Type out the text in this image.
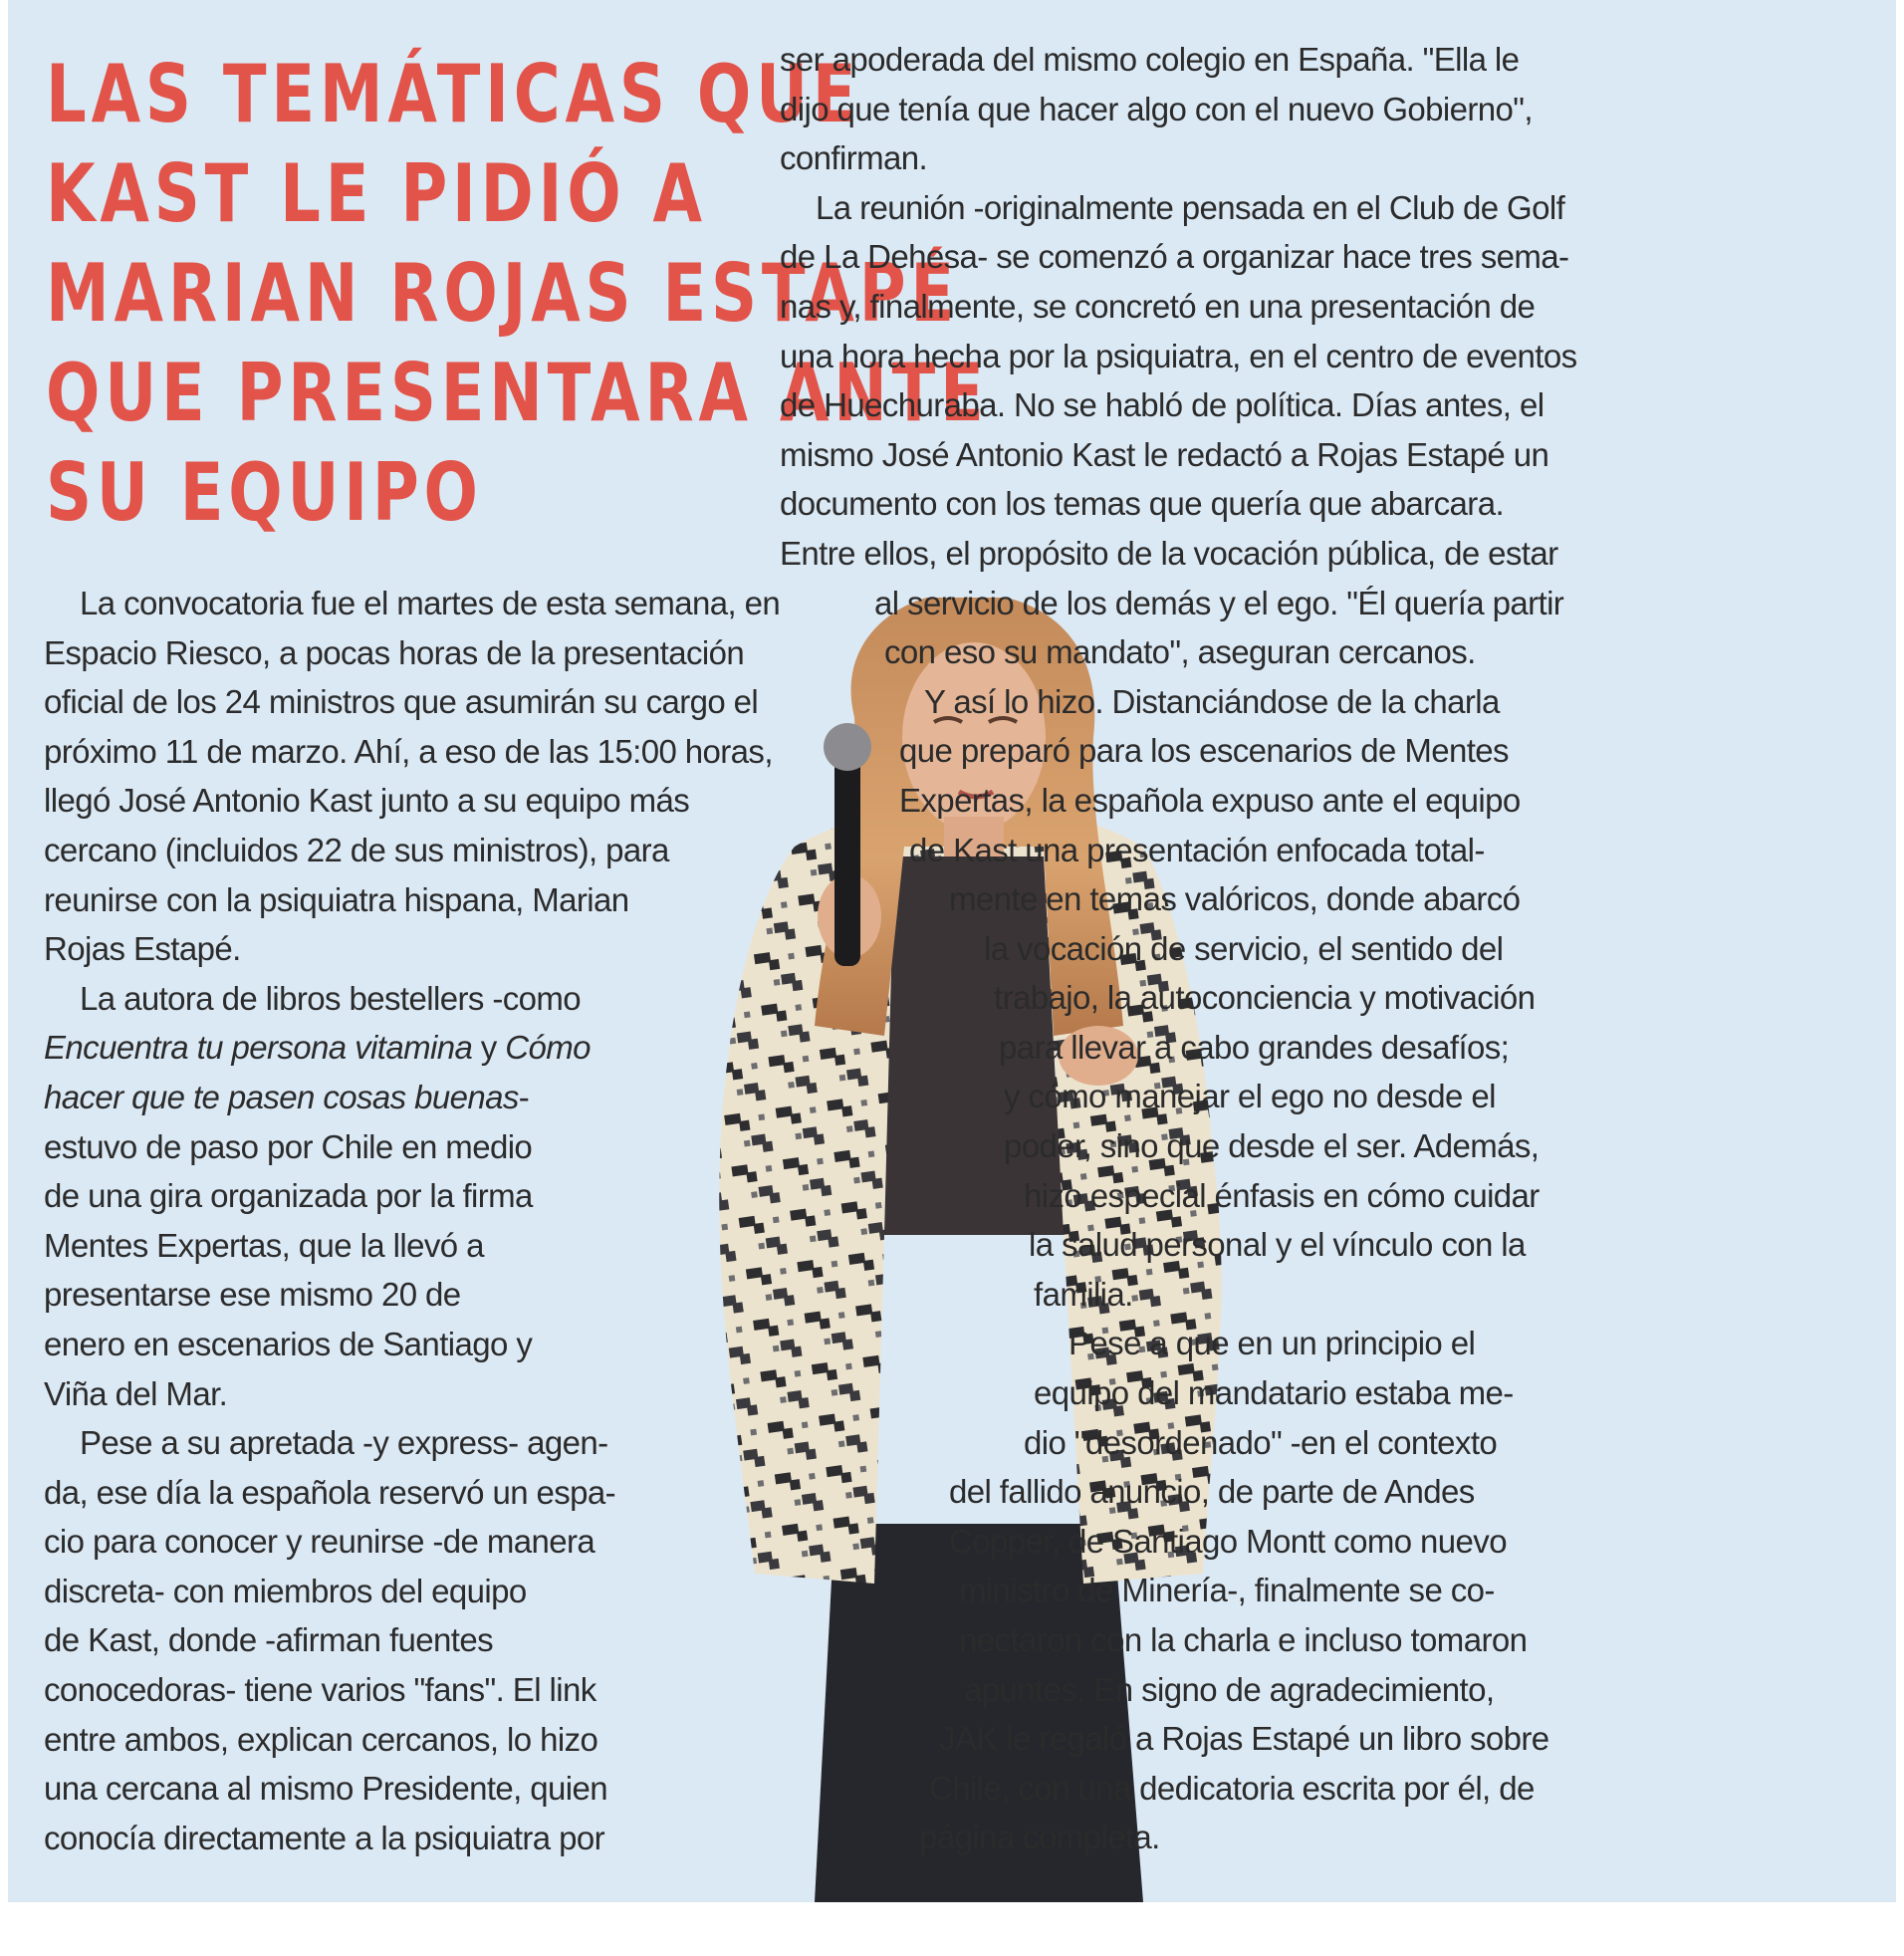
LAS TEMÁTICAS QUE
KAST LE PIDIÓ A
MARIAN ROJAS ESTAPÉ
QUE PRESENTARA ANTE
SU EQUIPO
La convocatoria fue el martes de esta semana, en
Espacio Riesco, a pocas horas de la presentación
oficial de los 24 ministros que asumirán su cargo el
próximo 11 de marzo. Ahí, a eso de las 15:00 horas,
llegó José Antonio Kast junto a su equipo más
cercano (incluidos 22 de sus ministros), para
reunirse con la psiquiatra hispana, Marian
Rojas Estapé.
La autora de libros bestellers -como
Encuentra tu persona vitamina y Cómo
hacer que te pasen cosas buenas-
estuvo de paso por Chile en medio
de una gira organizada por la firma
Mentes Expertas, que la llevó a
presentarse ese mismo 20 de
enero en escenarios de Santiago y
Viña del Mar.
Pese a su apretada -y express- agen-
da, ese día la española reservó un espa-
cio para conocer y reunirse -de manera
discreta- con miembros del equipo
de Kast, donde -afirman fuentes
conocedoras- tiene varios "fans". El link
entre ambos, explican cercanos, lo hizo
una cercana al mismo Presidente, quien
conocía directamente a la psiquiatra por
ser apoderada del mismo colegio en España. "Ella le
dijo que tenía que hacer algo con el nuevo Gobierno",
confirman.
La reunión -originalmente pensada en el Club de Golf
de La Dehesa- se comenzó a organizar hace tres sema-
nas y, finalmente, se concretó en una presentación de
una hora hecha por la psiquiatra, en el centro de eventos
de Huechuraba. No se habló de política. Días antes, el
mismo José Antonio Kast le redactó a Rojas Estapé un
documento con los temas que quería que abarcara.
Entre ellos, el propósito de la vocación pública, de estar
al servicio de los demás y el ego. "Él quería partir
con eso su mandato", aseguran cercanos.
Y así lo hizo. Distanciándose de la charla
que preparó para los escenarios de Mentes
Expertas, la española expuso ante el equipo
de Kast una presentación enfocada total-
mente en temas valóricos, donde abarcó
la vocación de servicio, el sentido del
trabajo, la autoconciencia y motivación
para llevar a cabo grandes desafíos;
y cómo manejar el ego no desde el
poder, sino que desde el ser. Además,
hizo especial énfasis en cómo cuidar
la salud personal y el vínculo con la
familia.
Pese a que en un principio el
equipo del mandatario estaba me-
dio "desordenado" -en el contexto
del fallido anuncio, de parte de Andes
Copper, de Santiago Montt como nuevo
ministro de Minería-, finalmente se co-
nectaron con la charla e incluso tomaron
apuntes. En signo de agradecimiento,
JAK le regaló a Rojas Estapé un libro sobre
Chile, con una dedicatoria escrita por él, de
página completa.
